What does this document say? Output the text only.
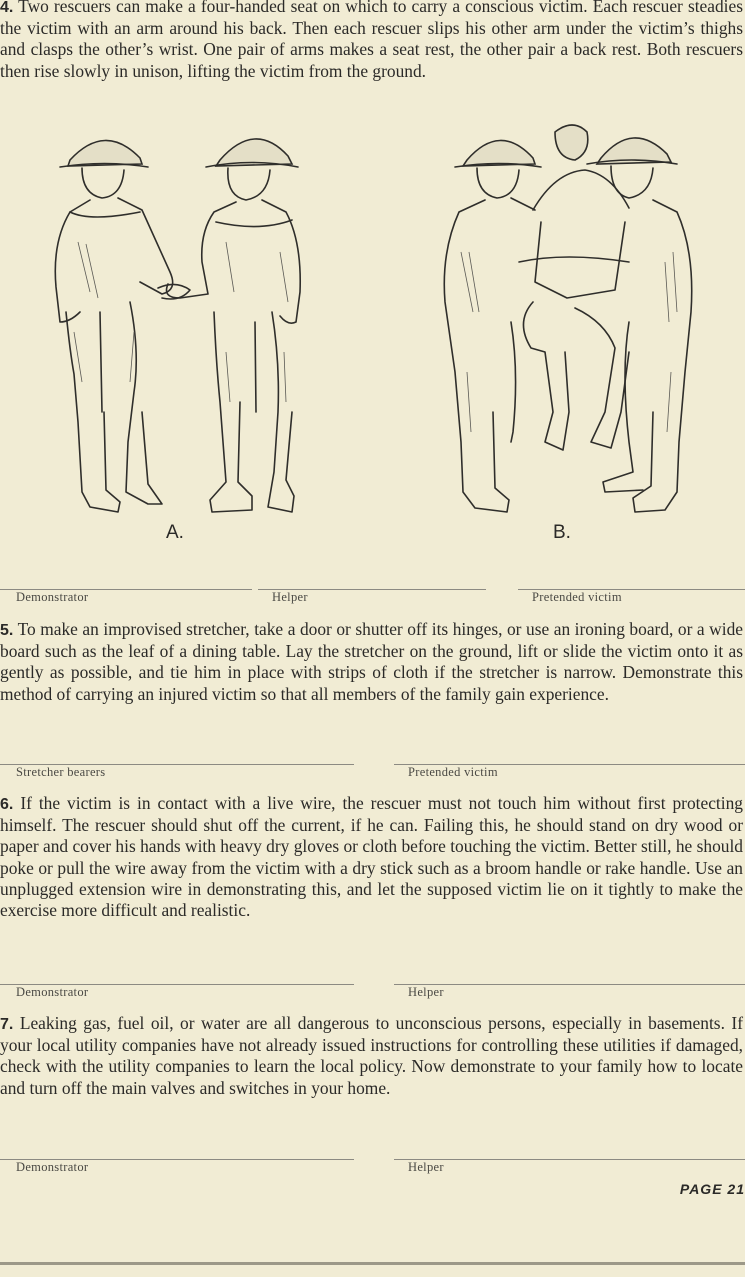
4. Two rescuers can make a four-handed seat on which to carry a conscious victim. Each rescuer steadies the victim with an arm around his back. Then each rescuer slips his other arm under the victim’s thighs and clasps the other’s wrist. One pair of arms makes a seat rest, the other pair a back rest. Both rescuers then rise slowly in unison, lifting the victim from the ground.

A.	B.
Demonstrator	Helper	Pretended victim

5. To make an improvised stretcher, take a door or shutter off its hinges, or use an ironing board, or a wide board such as the leaf of a dining table. Lay the stretcher on the ground, lift or slide the victim onto it as gently as possible, and tie him in place with strips of cloth if the stretcher is narrow. Demonstrate this method of carrying an injured victim so that all members of the family gain experience.

Stretcher bearers	Pretended victim

6. If the victim is in contact with a live wire, the rescuer must not touch him without first protecting himself. The rescuer should shut off the current, if he can. Failing this, he should stand on dry wood or paper and cover his hands with heavy dry gloves or cloth before touching the victim. Better still, he should poke or pull the wire away from the victim with a dry stick such as a broom handle or rake handle. Use an unplugged extension wire in demonstrating this, and let the supposed victim lie on it tightly to make the exercise more difficult and realistic.

Demonstrator	Helper

7. Leaking gas, fuel oil, or water are all dangerous to unconscious persons, especially in basements. If your local utility companies have not already issued instructions for controlling these utilities if damaged, check with the utility companies to learn the local policy. Now demonstrate to your family how to locate and turn off the main valves and switches in your home.

Demonstrator	Helper
PAGE 21
